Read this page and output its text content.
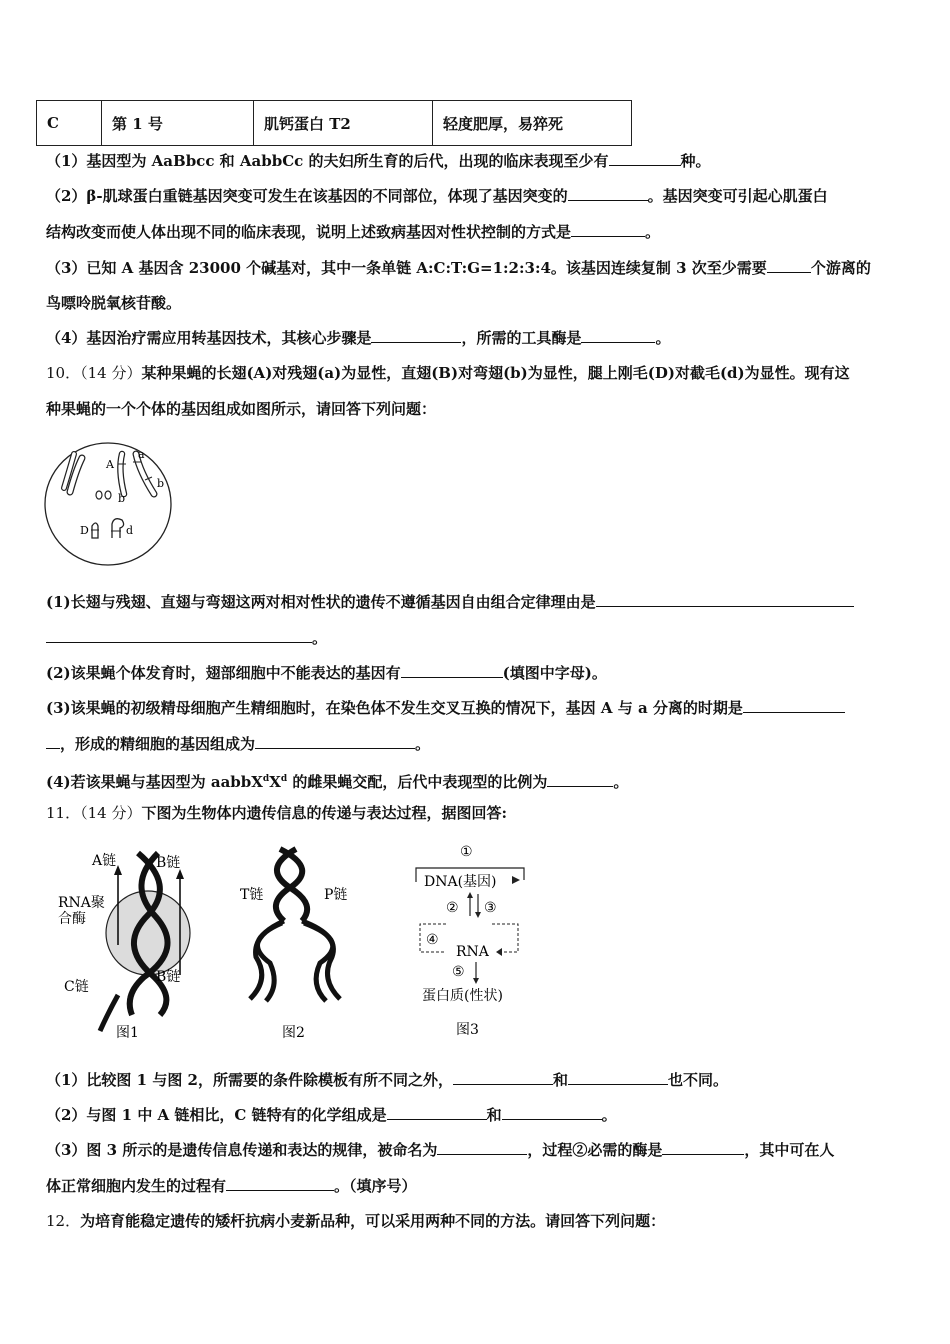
C	第 1 号	肌钙蛋白 T2	轻度肥厚，易猝死
（1）基因型为 AaBbcc 和 AabbCc 的夫妇所生育的后代，出现的临床表现至少有	种。
（2）β-肌球蛋白重链基因突变可发生在该基因的不同部位，体现了基因突变的	。基因突变可引起心肌蛋白
结构改变而使人体出现不同的临床表现，说明上述致病基因对性状控制的方式是	。
（3）已知 A 基因含 23000 个碱基对，其中一条单链 A:C:T:G=1:2:3:4。该基因连续复制 3 次至少需要	个游离的
鸟嘌呤脱氧核苷酸。
（4）基因治疗需应用转基因技术，其核心步骤是	，所需的工具酶是	。
10．（14 分）某种果蝇的长翅(A)对残翅(a)为显性，直翅(B)对弯翅(b)为显性，腿上刚毛(D)对截毛(d)为显性。现有这
种果蝇的一个个体的基因组成如图所示，请回答下列问题：
A
a
b
b
D	d
(1)长翅与残翅、直翅与弯翅这两对相对性状的遗传不遵循基因自由组合定律理由是
。
(2)该果蝇个体发育时，翅部细胞中不能表达的基因有	(填图中字母)。
(3)该果蝇的初级精母细胞产生精细胞时，在染色体不发生交叉互换的情况下，基因 A 与 a 分离的时期是
，形成的精细胞的基因组成为	。
(4)若该果蝇与基因型为 $aabbX^dX^d$ 的雌果蝇交配，后代中表现型的比例为	。
11．（14 分）下图为生物体内遗传信息的传递与表达过程，据图回答:
A链	B链
RNA聚
合酶
C链
B链
图1
T链	P链
图2
①
DNA(基因)
② ③
④
RNA
⑤
蛋白质(性状)
图3
（1）比较图 1 与图 2，所需要的条件除模板有所不同之外，	和	也不同。
（2）与图 1 中 A 链相比，C 链特有的化学组成是	和	。
（3）图 3 所示的是遗传信息传递和表达的规律，被命名为	，过程②必需的酶是	，其中可在人
体正常细胞内发生的过程有	。（填序号）
12．为培育能稳定遗传的矮杆抗病小麦新品种，可以采用两种不同的方法。请回答下列问题：
